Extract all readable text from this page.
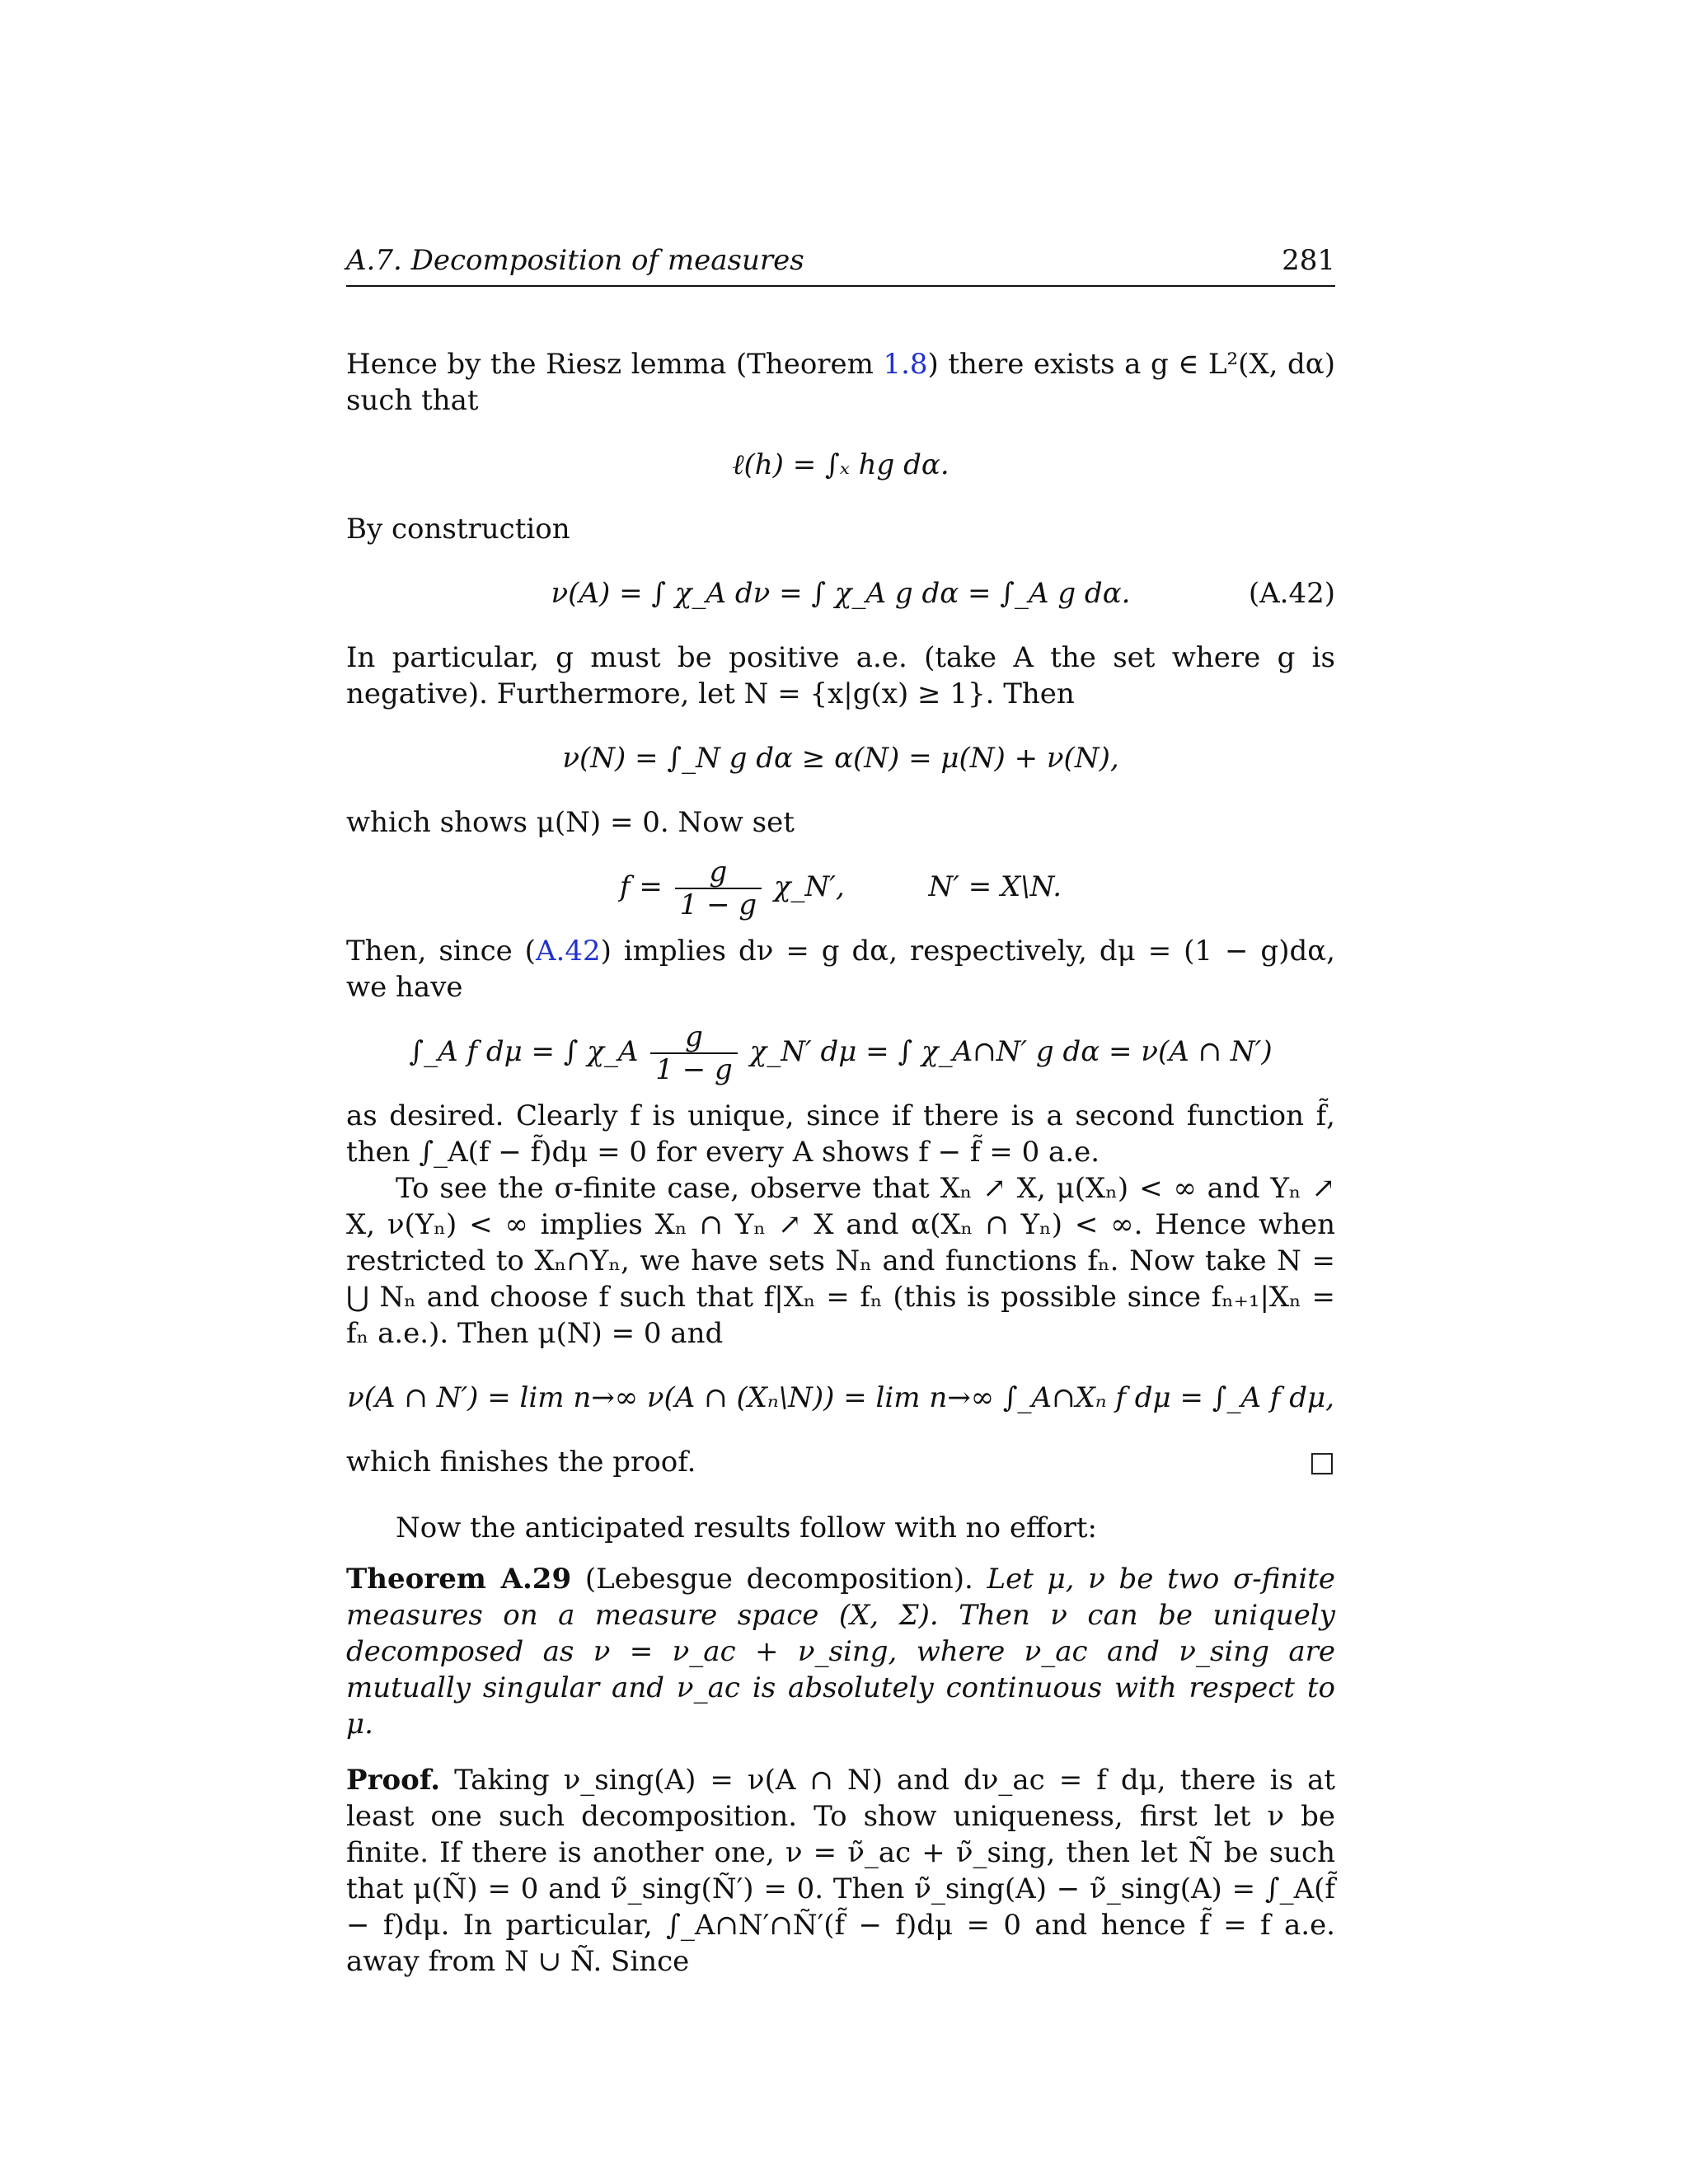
A.7. Decomposition of measures	281

Hence by the Riesz lemma (Theorem 1.8) there exists a g ∈ L²(X, dα) such that

ℓ(h) = ∫ₓ hg dα.

By construction

ν(A) = ∫ χ_A dν = ∫ χ_A g dα = ∫_A g dα.	(A.42)

In particular, g must be positive a.e. (take A the set where g is negative). Furthermore, let N = {x|g(x) ≥ 1}. Then

ν(N) = ∫_N g dα ≥ α(N) = μ(N) + ν(N),

which shows μ(N) = 0. Now set

$f = \frac{g}{1 - g}$ χ_N′,	N′ = X\N.

Then, since (A.42) implies dν = g dα, respectively, dμ = (1 − g)dα, we have

∫_A f dμ = ∫ χ_A $\frac{g}{1 - g}$ χ_N′ dμ = ∫ χ_A∩N′ g dα = ν(A ∩ N′)

as desired. Clearly f is unique, since if there is a second function f̃, then ∫_A(f − f̃)dμ = 0 for every A shows f − f̃ = 0 a.e.

To see the σ-finite case, observe that Xₙ ↗ X, μ(Xₙ) < ∞ and Yₙ ↗ X, ν(Yₙ) < ∞ implies Xₙ ∩ Yₙ ↗ X and α(Xₙ ∩ Yₙ) < ∞. Hence when restricted to Xₙ∩Yₙ, we have sets Nₙ and functions fₙ. Now take N = ⋃ Nₙ and choose f such that f|Xₙ = fₙ (this is possible since fₙ₊₁|Xₙ = fₙ a.e.). Then μ(N) = 0 and

ν(A ∩ N′) = lim n→∞ ν(A ∩ (Xₙ\N)) = lim n→∞ ∫_A∩Xₙ f dμ = ∫_A f dμ,

which finishes the proof.	□

Now the anticipated results follow with no effort:

Theorem A.29 (Lebesgue decomposition). Let μ, ν be two σ-finite measures on a measure space (X, Σ). Then ν can be uniquely decomposed as ν = ν_ac + ν_sing, where ν_ac and ν_sing are mutually singular and ν_ac is absolutely continuous with respect to μ.

Proof. Taking ν_sing(A) = ν(A ∩ N) and dν_ac = f dμ, there is at least one such decomposition. To show uniqueness, first let ν be finite. If there is another one, ν = ν̃_ac + ν̃_sing, then let Ñ be such that μ(Ñ) = 0 and ν̃_sing(Ñ′) = 0. Then ν̃_sing(A) − ν̃_sing(A) = ∫_A(f̃ − f)dμ. In particular, ∫_A∩N′∩Ñ′(f̃ − f)dμ = 0 and hence f̃ = f a.e. away from N ∪ Ñ. Since
